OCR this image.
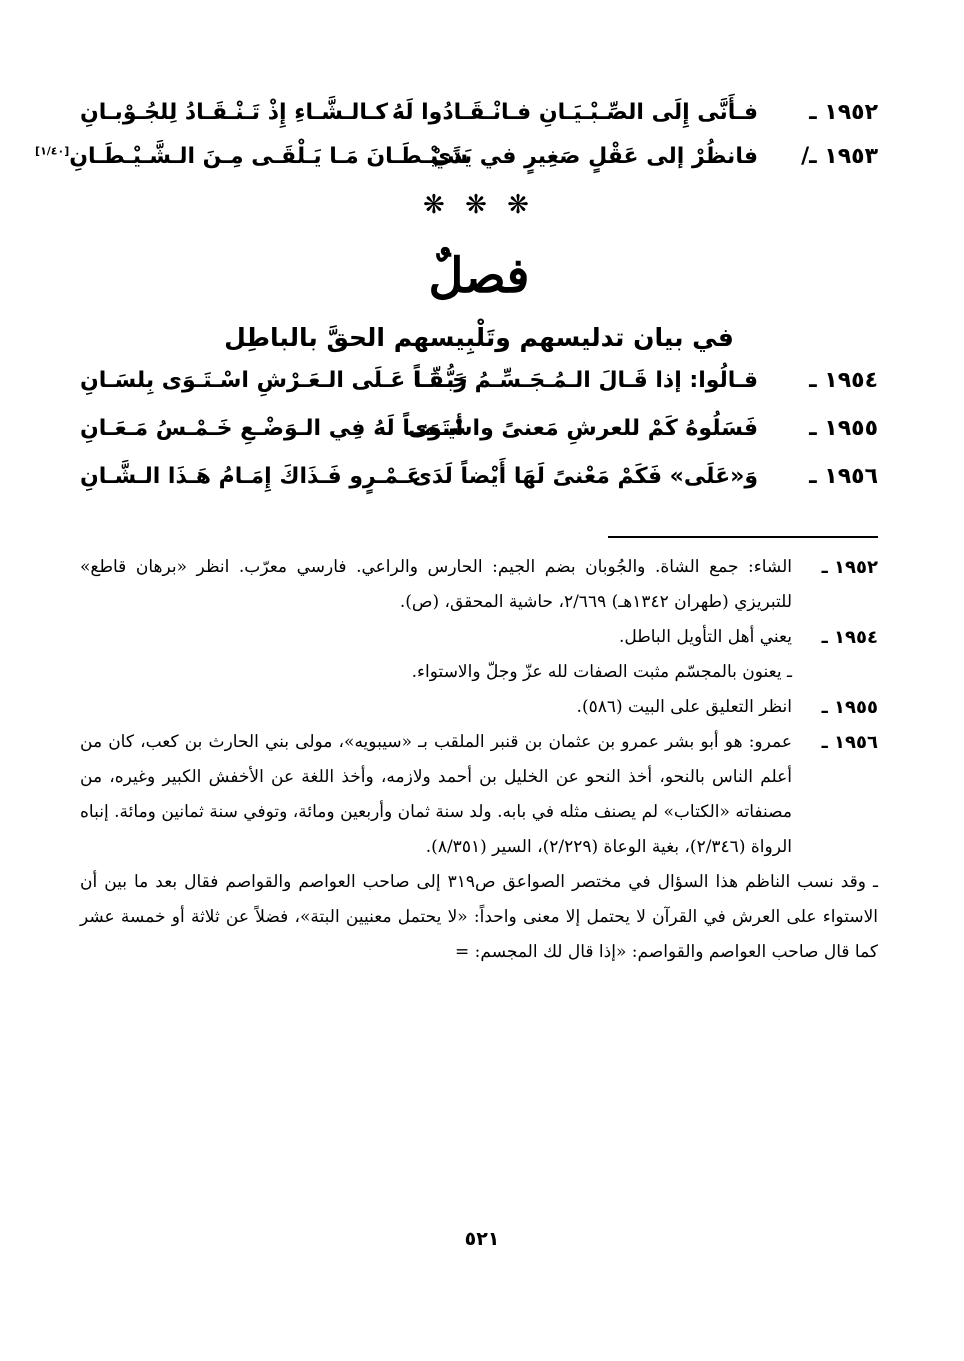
١٩٥٢ ـ
فـأَنَّى إِلَى الصِّـبْـيَـانِ فـانْـقَـادُوا لَهُ
كـالـشَّـاءِ إِذْ تَـنْـقَـادُ لِلجُـوْبـانِ
١٩٥٣ ـ/
فانظُرْ إلى عَقْلٍ صَغِيرٍ في يَدَيْ
شَـيْـطَـانَ مَـا يَـلْقَـى مِـنَ الـشَّـيْـطَـانِ[١/٤٠]
❋ ❋ ❋
فصلٌ
في بيان تدليسهم وتَلْبِيسهم الحقَّ بالباطِل
١٩٥٤ ـ
قـالُوا: إذا قَـالَ الـمُـجَـسِّـمُ رَبُّـنَـا
حَـقّـاً عَـلَى الـعَـرْشِ اسْـتَـوَى بِلسَـانِ
١٩٥٥ ـ
فَسَلُوهُ كَمْ للعرشِ مَعنىً واسْتَوَى
أيـضـاً لَهُ فِي الـوَضْـعِ خَـمْـسُ مَـعَـانِ
١٩٥٦ ـ
وَ«عَلَى» فَكَمْ مَعْنىً لَهَا أَيْضاً لَدَى
عَـمْـرٍو فَـذَاكَ إِمَـامُ هَـذَا الـشَّـانِ
١٩٥٢ ـ
الشاء: جمع الشاة. والجُوبان بضم الجيم: الحارس والراعي. فارسي معرّب. انظر «برهان قاطع» للتبريزي (طهران ١٣٤٢هـ) ٢/٦٦٩، حاشية المحقق، (ص).
١٩٥٤ ـ
يعني أهل التأويل الباطل.
ـ يعنون بالمجسّم مثبت الصفات لله عزّ وجلّ والاستواء.
١٩٥٥ ـ
انظر التعليق على البيت (٥٨٦).
١٩٥٦ ـ
عمرو: هو أبو بشر عمرو بن عثمان بن قنبر الملقب بـ «سيبويه»، مولى بني الحارث بن كعب، كان من أعلم الناس بالنحو، أخذ النحو عن الخليل بن أحمد ولازمه، وأخذ اللغة عن الأخفش الكبير وغيره، من مصنفاته «الكتاب» لم يصنف مثله في بابه. ولد سنة ثمان وأربعين ومائة، وتوفي سنة ثمانين ومائة. إنباه الرواة (٢/٣٤٦)، بغية الوعاة (٢/٢٢٩)، السير (٨/٣٥١).
ـ وقد نسب الناظم هذا السؤال في مختصر الصواعق ص٣١٩ إلى صاحب العواصم والقواصم فقال بعد ما بين أن الاستواء على العرش في القرآن لا يحتمل إلا معنى واحداً: «لا يحتمل معنيين البتة»، فضلاً عن ثلاثة أو خمسة عشر كما قال صاحب العواصم والقواصم: «إذا قال لك المجسم: =
٥٢١
